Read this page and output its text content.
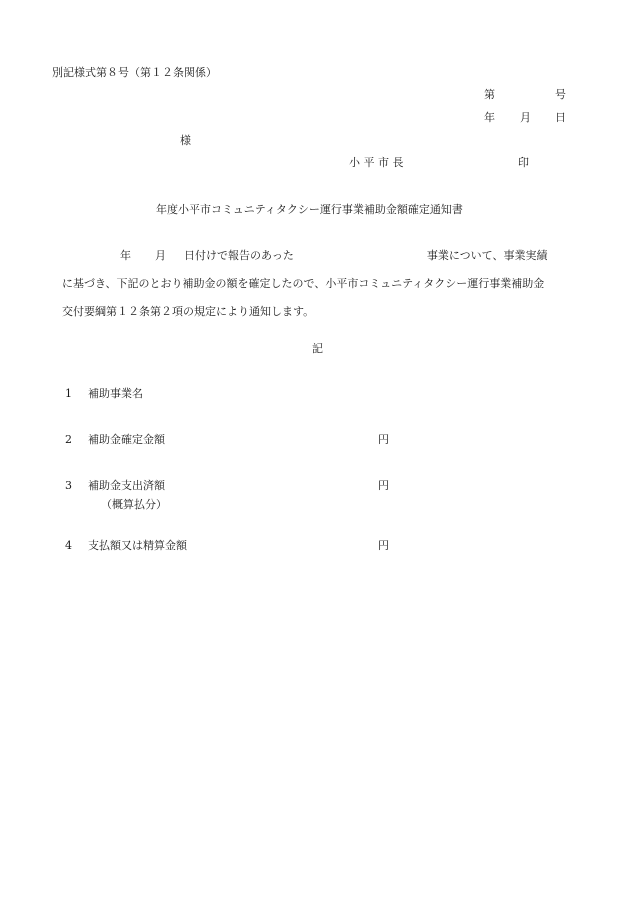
別記様式第８号（第１２条関係）
第	号
年 月 日
様
小 平 市 長	印
年度小平市コミュニティタクシー運行事業補助金額確定通知書
年 月 日付けで報告のあった	事業について、事業実績
に基づき、下記のとおり補助金の額を確定したので、小平市コミュニティタクシー運行事業補助金
交付要綱第１２条第２項の規定により通知します。
記
1 補助事業名
2 補助金確定金額	円
3 補助金支出済額	円
（概算払分）
4 支払額又は精算金額	円
